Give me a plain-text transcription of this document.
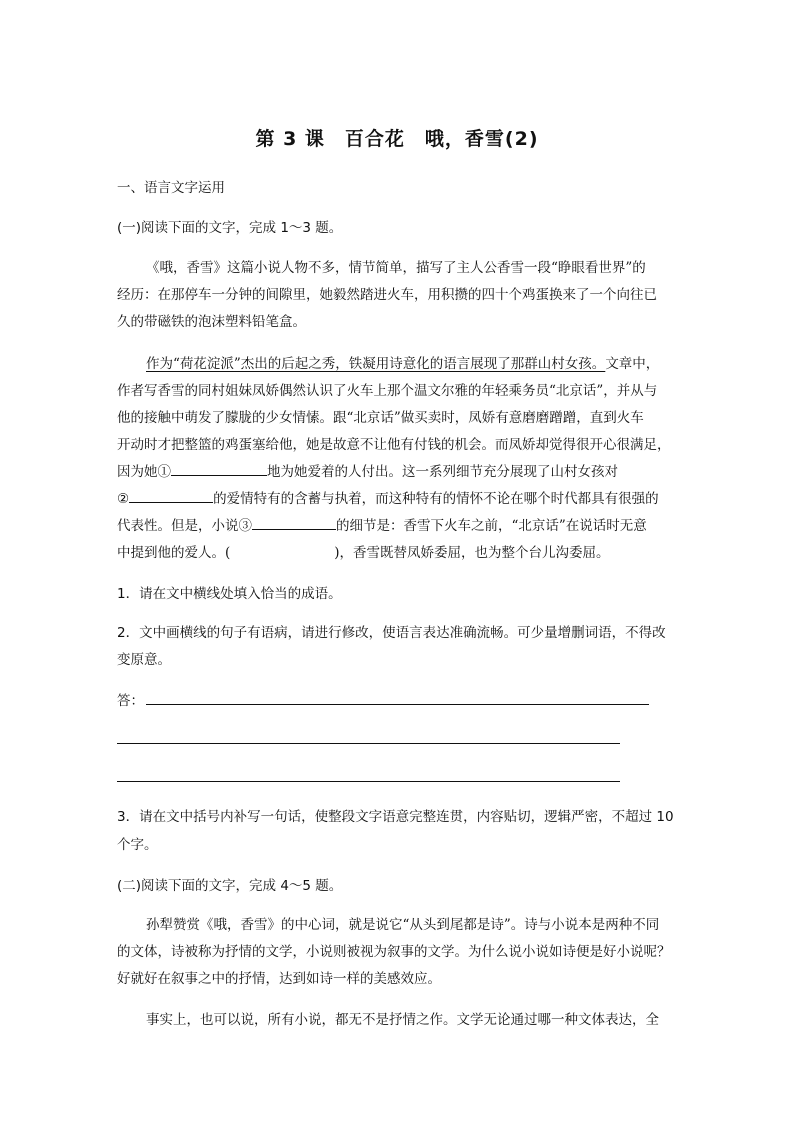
第 3 课　百合花　哦，香雪(2)
一、语言文字运用
(一)阅读下面的文字，完成 1～3 题。
《哦，香雪》这篇小说人物不多，情节简单，描写了主人公香雪一段“睁眼看世界”的
经历：在那停车一分钟的间隙里，她毅然踏进火车，用积攒的四十个鸡蛋换来了一个向往已
久的带磁铁的泡沫塑料铅笔盒。
作为“荷花淀派”杰出的后起之秀，铁凝用诗意化的语言展现了那群山村女孩。文章中，
作者写香雪的同村姐妹凤娇偶然认识了火车上那个温文尔雅的年轻乘务员“北京话”，并从与
他的接触中萌发了朦胧的少女情愫。跟“北京话”做买卖时，凤娇有意磨磨蹭蹭，直到火车
开动时才把整篮的鸡蛋塞给他，她是故意不让他有付钱的机会。而凤娇却觉得很开心很满足，
因为她①	地为她爱着的人付出。这一系列细节充分展现了山村女孩对
②	的爱情特有的含蓄与执着，而这种特有的情怀不论在哪个时代都具有很强的
代表性。但是，小说③	的细节是：香雪下火车之前，“北京话”在说话时无意
中提到他的爱人。(	)，香雪既替凤娇委屈，也为整个台儿沟委屈。
1．请在文中横线处填入恰当的成语。
2．文中画横线的句子有语病，请进行修改，使语言表达准确流畅。可少量增删词语，不得改
变原意。
答：
3．请在文中括号内补写一句话，使整段文字语意完整连贯，内容贴切，逻辑严密，不超过 10
个字。
(二)阅读下面的文字，完成 4～5 题。
孙犁赞赏《哦，香雪》的中心词，就是说它“从头到尾都是诗”。诗与小说本是两种不同
的文体，诗被称为抒情的文学，小说则被视为叙事的文学。为什么说小说如诗便是好小说呢？
好就好在叙事之中的抒情，达到如诗一样的美感效应。
事实上，也可以说，所有小说，都无不是抒情之作。文学无论通过哪一种文体表达，全
